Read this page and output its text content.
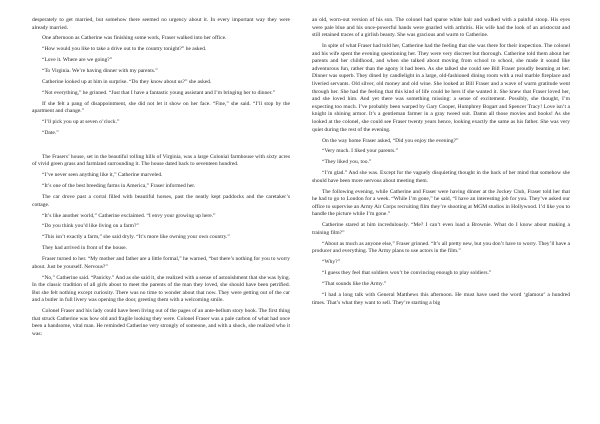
desperately to get married, but somehow there seemed no urgency about it. In every important way they were already married.

One afternoon as Catherine was finishing some work, Fraser walked into her office.

“How would you like to take a drive out to the country tonight?” he asked.

“Love it. Where are we going?”

“To Virginia. We’re having dinner with my parents.”

Catherine looked up at him in surprise. “Do they know about us?” she asked.

“Not everything,” he grinned. “Just that I have a fantastic young assistant and I’m bringing her to dinner.”

If she felt a pang of disappointment, she did not let it show on her face. “Fine,” she said. “I’ll stop by the apartment and change.”

“I’ll pick you up at seven o’clock.”

“Date.”

The Frasers’ house, set in the beautiful rolling hills of Virginia, was a large Colonial farmhouse with sixty acres of vivid green grass and farmland surrounding it. The house dated back to seventeen hundred.

“I’ve never seen anything like it,” Catherine marveled.

“It’s one of the best breeding farms in America,” Fraser informed her.

The car drove past a corral filled with beautiful horses, past the neatly kept paddocks and the caretaker’s cottage.

“It’s like another world,” Catherine exclaimed. “I envy your growing up here.”

“Do you think you’d like living on a farm?”

“This isn’t exactly a farm,” she said dryly. “It’s more like owning your own country.”

They had arrived in front of the house.

Fraser turned to her. “My mother and father are a little formal,” he warned, “but there’s nothing for you to worry about. Just be yourself. Nervous?”

“No,” Catherine said. “Panicky.” And as she said it, she realized with a sense of astonishment that she was lying. In the classic tradition of all girls about to meet the parents of the man they loved, she should have been petrified. But she felt nothing except curiosity. There was no time to wonder about that now. They were getting out of the car and a butler in full livery was opening the door, greeting them with a welcoming smile.

Colonel Fraser and his lady could have been living out of the pages of an ante-bellum story book. The first thing that struck Catherine was how old and fragile looking they were. Colonel Fraser was a pale carbon of what had once been a handsome, vital man. He reminded Catherine very strongly of someone, and with a shock, she realized who it was:

an old, worn-out version of his son. The colonel had sparse white hair and walked with a painful stoop. His eyes were pale blue and his once-powerful hands were gnarled with arthritis. His wife had the look of an aristocrat and still retained traces of a girlish beauty. She was gracious and warm to Catherine.

In spite of what Fraser had told her, Catherine had the feeling that she was there for their inspection. The colonel and his wife spent the evening questioning her. They were very discreet but thorough. Catherine told them about her parents and her childhood, and when she talked about moving from school to school, she made it sound like adventurous fun, rather than the agony it had been. As she talked she could see Bill Fraser proudly beaming at her. Dinner was superb. They dined by candlelight in a large, old-fashioned dining room with a real marble fireplace and liveried servants. Old silver, old money and old wine. She looked at Bill Fraser and a wave of warm gratitude went through her. She had the feeling that this kind of life could be hers if she wanted it. She knew that Fraser loved her, and she loved him. And yet there was something missing: a sense of excitement. Possibly, she thought, I’m expecting too much. I’ve probably been warped by Gary Cooper, Humphrey Bogart and Spencer Tracy! Love isn’t a knight in shining armor. It’s a gentleman farmer in a gray tweed suit. Damn all those movies and books! As she looked at the colonel, she could see Fraser twenty years hence, looking exactly the same as his father. She was very quiet during the rest of the evening.

On the way home Fraser asked, “Did you enjoy the evening?”

“Very much. I liked your parents.”

“They liked you, too.”

“I’m glad.” And she was. Except for the vaguely disquieting thought in the back of her mind that somehow she should have been more nervous about meeting them.

The following evening, while Catherine and Fraser were having dinner at the Jockey Club, Fraser told her that he had to go to London for a week. “While I’m gone,” he said, “I have an interesting job for you. They’ve asked our office to supervise an Army Air Corps recruiting film they’re shooting at MGM studios in Hollywood. I’d like you to handle the picture while I’m gone.”

Catherine stared at him incredulously. “Me? I can’t even load a Brownie. What do I know about making a training film?”

“About as much as anyone else,” Fraser grinned. “It’s all pretty new, but you don’t have to worry. They’ll have a producer and everything. The Army plans to use actors in the film.”

“Why?”

“I guess they feel that soldiers won’t be convincing enough to play soldiers.”

“That sounds like the Army.”

“I had a long talk with General Matthews this afternoon. He must have used the word ‘glamour’ a hundred times. That’s what they want to sell. They’re starting a big
